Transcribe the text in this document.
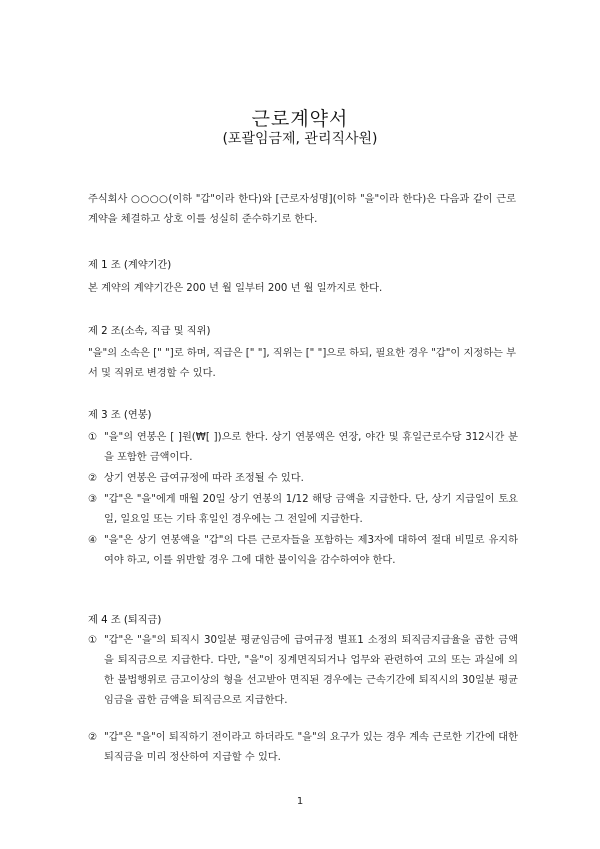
근로계약서
(포괄임금제, 관리직사원)
주식회사 ○○○○(이하 "갑"이라 한다)와 [근로자성명](이하 "을"이라 한다)은 다음과 같이 근로계약을 체결하고 상호 이를 성실히 준수하기로 한다.
제 1 조 (계약기간)
본 계약의 계약기간은 200 년 월 일부터 200 년 월 일까지로 한다.
제 2 조(소속, 직급 및 직위)
"을"의 소속은 [" "]로 하며, 직급은 [" "], 직위는 [" "]으로 하되, 필요한 경우 "갑"이 지정하는 부서 및 직위로 변경할 수 있다.
제 3 조 (연봉)
① "을"의 연봉은 [ ]원(₩[ ])으로 한다. 상기 연봉액은 연장, 야간 및 휴일근로수당 312시간 분을 포함한 금액이다.
② 상기 연봉은 급여규정에 따라 조정될 수 있다.
③ "갑"은 "을"에게 매월 20일 상기 연봉의 1/12 해당 금액을 지급한다. 단, 상기 지급일이 토요일, 일요일 또는 기타 휴일인 경우에는 그 전일에 지급한다.
④ "을"은 상기 연봉액을 "갑"의 다른 근로자들을 포함하는 제3자에 대하여 절대 비밀로 유지하여야 하고, 이를 위반할 경우 그에 대한 불이익을 감수하여야 한다.
제 4 조 (퇴직금)
① "갑"은 "을"의 퇴직시 30일분 평균임금에 급여규정 별표1 소정의 퇴직금지급율을 곱한 금액을 퇴직금으로 지급한다. 다만, "을"이 징계면직되거나 업무와 관련하여 고의 또는 과실에 의한 불법행위로 금고이상의 형을 선고받아 면직된 경우에는 근속기간에 퇴직시의 30일분 평균임금을 곱한 금액을 퇴직금으로 지급한다.
② "갑"은 "을"이 퇴직하기 전이라고 하더라도 "을"의 요구가 있는 경우 계속 근로한 기간에 대한 퇴직금을 미리 정산하여 지급할 수 있다.
1
